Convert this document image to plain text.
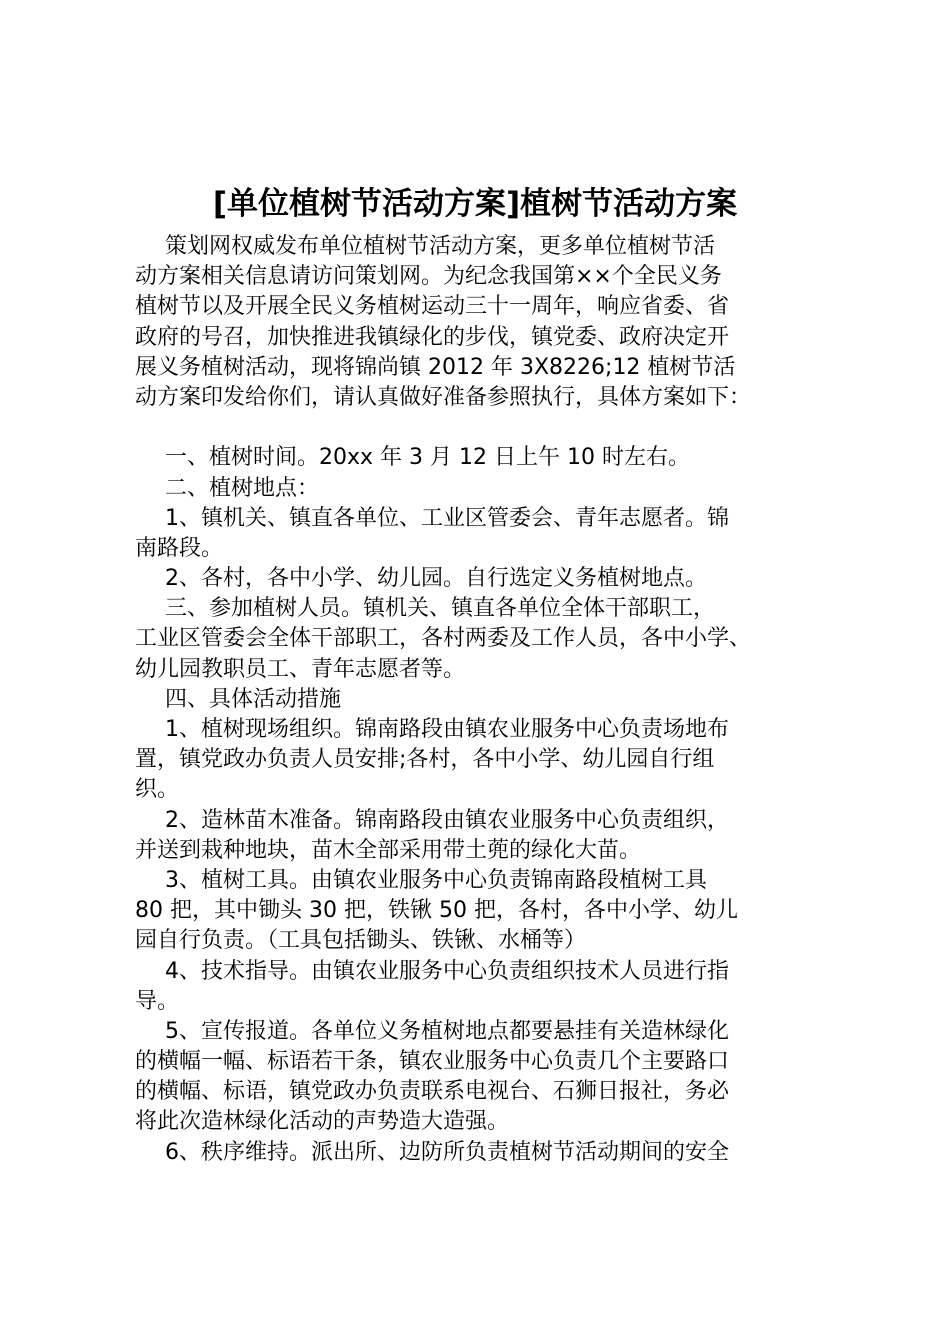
[单位植树节活动方案]植树节活动方案
策划网权威发布单位植树节活动方案，更多单位植树节活
动方案相关信息请访问策划网。为纪念我国第××个全民义务
植树节以及开展全民义务植树运动三十一周年，响应省委、省
政府的号召，加快推进我镇绿化的步伐，镇党委、政府决定开
展义务植树活动，现将锦尚镇 2012 年 3X8226;12 植树节活
动方案印发给你们，请认真做好准备参照执行，具体方案如下：
一、植树时间。20xx 年 3 月 12 日上午 10 时左右。
二、植树地点：
1、镇机关、镇直各单位、工业区管委会、青年志愿者。锦
南路段。
2、各村，各中小学、幼儿园。自行选定义务植树地点。
三、参加植树人员。镇机关、镇直各单位全体干部职工，
工业区管委会全体干部职工，各村两委及工作人员，各中小学、
幼儿园教职员工、青年志愿者等。
四、具体活动措施
1、植树现场组织。锦南路段由镇农业服务中心负责场地布
置，镇党政办负责人员安排;各村，各中小学、幼儿园自行组
织。
2、造林苗木准备。锦南路段由镇农业服务中心负责组织，
并送到栽种地块，苗木全部采用带土蔸的绿化大苗。
3、植树工具。由镇农业服务中心负责锦南路段植树工具
80 把，其中锄头 30 把，铁锹 50 把，各村，各中小学、幼儿
园自行负责。（工具包括锄头、铁锹、水桶等）
4、技术指导。由镇农业服务中心负责组织技术人员进行指
导。
5、宣传报道。各单位义务植树地点都要悬挂有关造林绿化
的横幅一幅、标语若干条，镇农业服务中心负责几个主要路口
的横幅、标语，镇党政办负责联系电视台、石狮日报社，务必
将此次造林绿化活动的声势造大造强。
6、秩序维持。派出所、边防所负责植树节活动期间的安全
